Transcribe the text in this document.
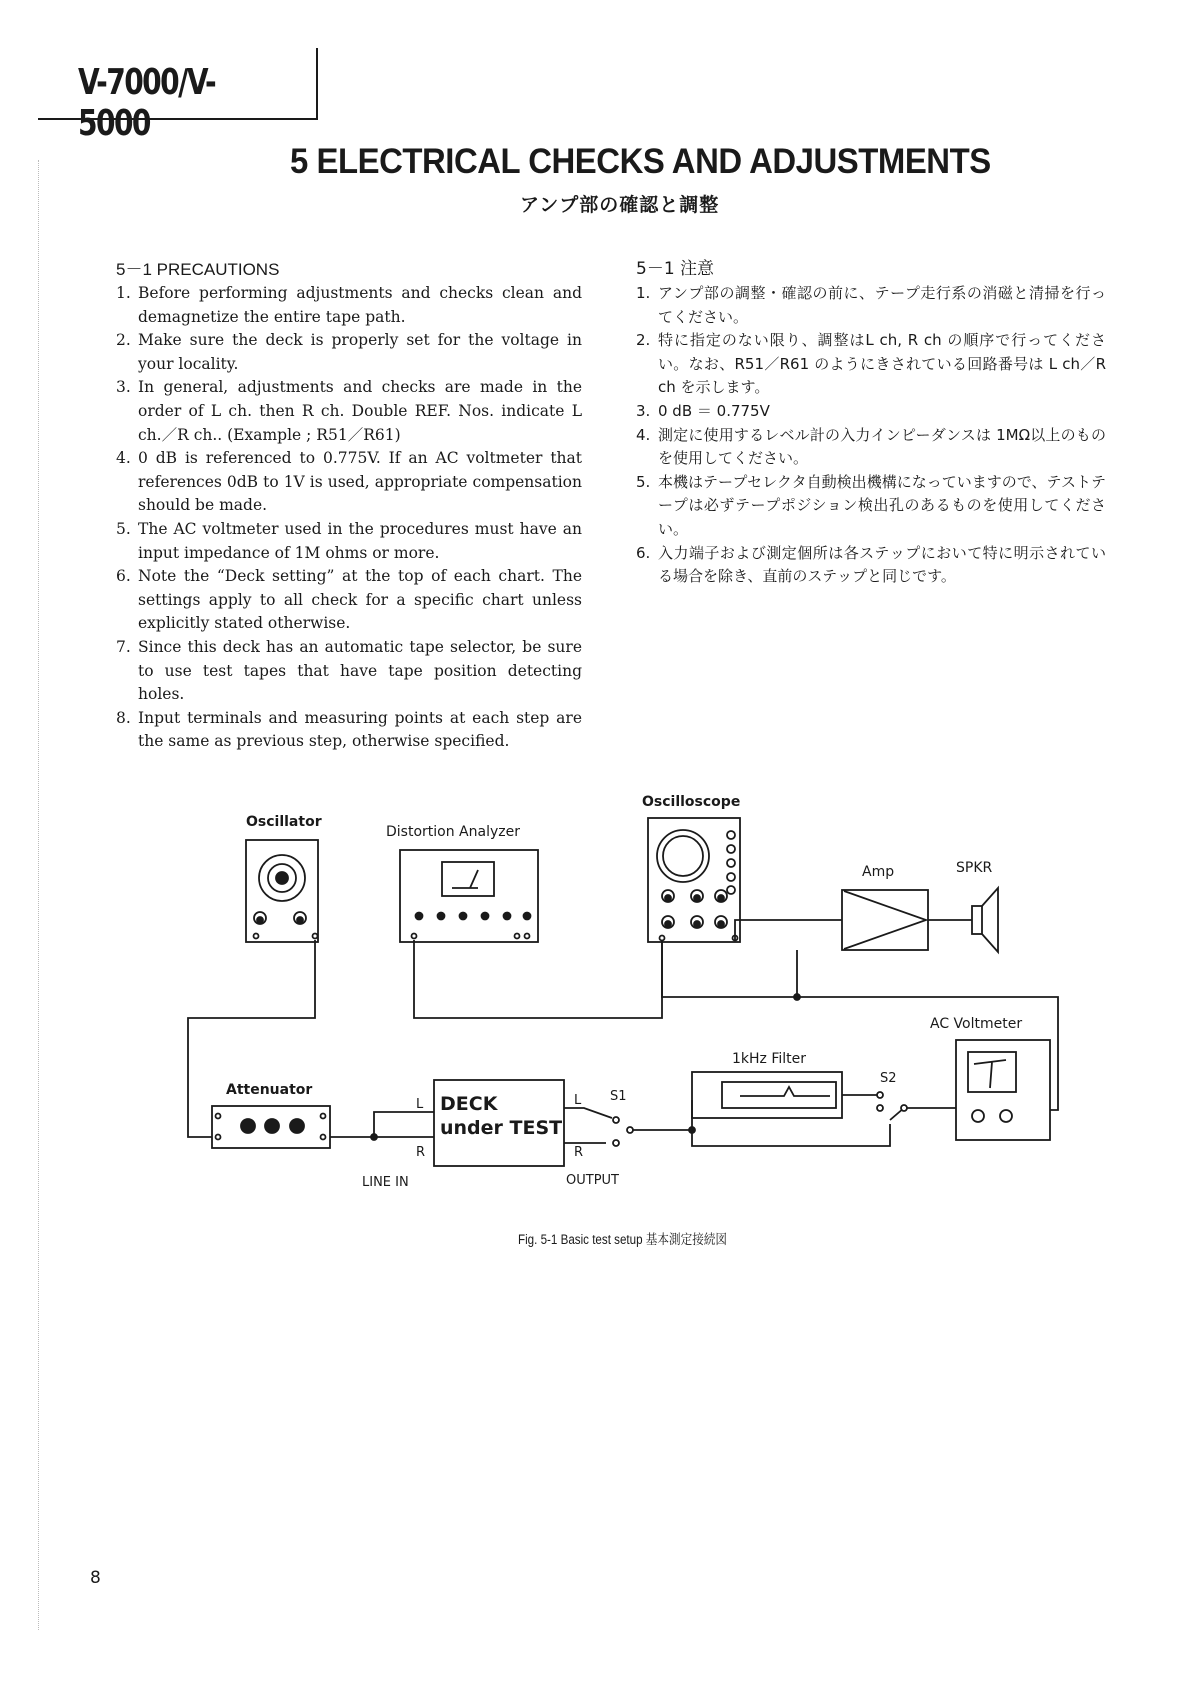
V-7000/V-5000
5 ELECTRICAL CHECKS AND ADJUSTMENTS
アンプ部の確認と調整
5－1 PRECAUTIONS
1. Before performing adjustments and checks clean and demagnetize the entire tape path.
2. Make sure the deck is properly set for the voltage in your locality.
3. In general, adjustments and checks are made in the order of L ch. then R ch. Double REF. Nos. indicate L ch.／R ch.. (Example ; R51／R61)
4. 0 dB is referenced to 0.775V. If an AC voltmeter that references 0dB to 1V is used, appropriate compensation should be made.
5. The AC voltmeter used in the procedures must have an input impedance of 1M ohms or more.
6. Note the “Deck setting” at the top of each chart. The settings apply to all check for a specific chart unless explicitly stated otherwise.
7. Since this deck has an automatic tape selector, be sure to use test tapes that have tape position detecting holes.
8. Input terminals and measuring points at each step are the same as previous step, otherwise specified.
5－1 注意
1. アンプ部の調整・確認の前に、テープ走行系の消磁と清掃を行ってください。
2. 特に指定のない限り、調整はL ch, R ch の順序で行ってください。なお、R51／R61 のようにきされている回路番号は L ch／R ch を示します。
3. 0 dB ＝ 0.775V
4. 測定に使用するレベル計の入力インピーダンスは 1MΩ以上のものを使用してください。
5. 本機はテープセレクタ自動検出機構になっていますので、テストテープは必ずテープポジション検出孔のあるものを使用してください。
6. 入力端子および測定個所は各ステップにおいて特に明示されている場合を除き、直前のステップと同じです。
Oscillator
Distortion Analyzer
Oscilloscope
Amp	SPKR
AC Voltmeter
1kHz Filter
Attenuator
DECK
under TEST
L
R
L
R
S1
S2
LINE IN	OUTPUT
Fig. 5-1 Basic test setup 基本測定接続図
8
